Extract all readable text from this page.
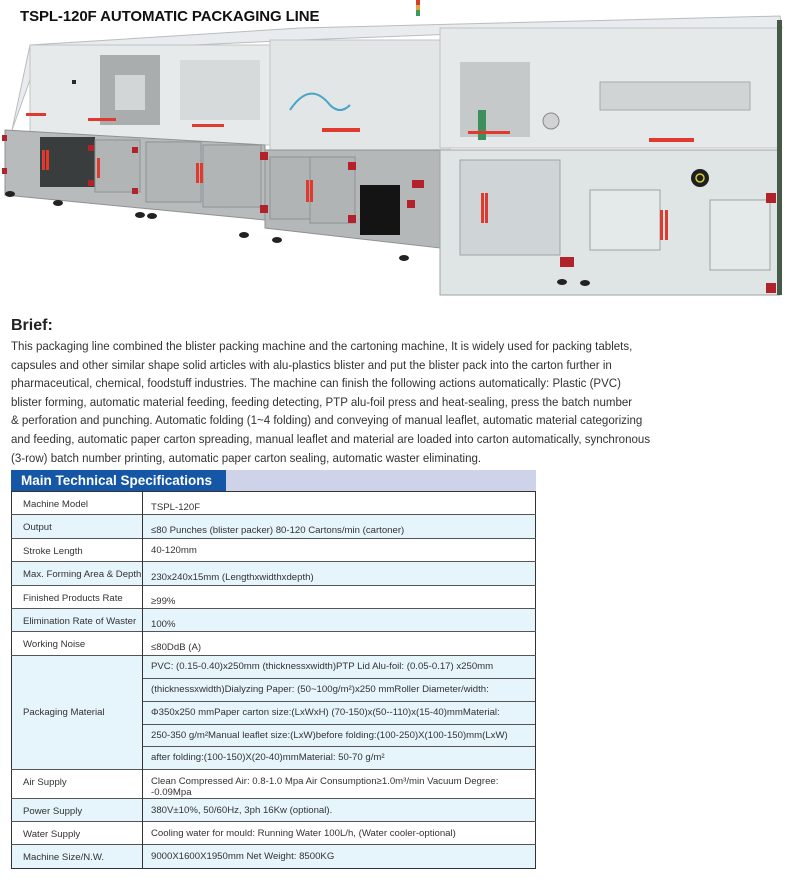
TSPL-120F AUTOMATIC PACKAGING LINE
Brief:
This packaging line combined the blister packing machine and the cartoning machine, It is widely used for packing tablets,
capsules and other similar shape solid articles with alu-plastics blister and put the blister pack into the carton further in
pharmaceutical, chemical, foodstuff industries. The machine can finish the following actions automatically: Plastic (PVC)
blister forming, automatic material feeding, feeding detecting, PTP alu-foil press and heat-sealing, press the batch number
& perforation and punching. Automatic folding (1~4 folding) and conveying of manual leaflet, automatic material categorizing
and feeding, automatic paper carton spreading, manual leaflet and material are loaded into carton automatically, synchronous
(3-row) batch number printing, automatic paper carton sealing, automatic waster eliminating.
Main Technical Specifications
Machine Model	TSPL-120F
Output	≤80 Punches (blister packer) 80-120 Cartons/min (cartoner)
Stroke Length	40-120mm
Max. Forming Area & Depth	230x240x15mm (Lengthxwidthxdepth)
Finished Products Rate	≥99%
Elimination Rate of Waster	100%
Working Noise	≤80DdB (A)
Packaging Material	PVC: (0.15-0.40)x250mm (thicknessxwidth)PTP Lid Alu-foil: (0.05-0.17) x250mm
(thicknessxwidth)Dialyzing Paper: (50~100g/m²)x250 mmRoller Diameter/width:
Φ350x250 mmPaper carton size:(LxWxH) (70-150)x(50--110)x(15-40)mmMaterial:
250-350 g/m²Manual leaflet size:(LxW)before folding:(100-250)X(100-150)mm(LxW)
after folding:(100-150)X(20-40)mmMaterial: 50-70 g/m²

Air Supply	Clean Compressed Air: 0.8-1.0 Mpa Air Consumption≥1.0m³/min Vacuum Degree: -0.09Mpa
Power Supply	380V±10%, 50/60Hz, 3ph 16Kw (optional).
Water Supply	Cooling water for mould: Running Water 100L/h, (Water cooler-optional)
Machine Size/N.W.	9000X1600X1950mm Net Weight: 8500KG
